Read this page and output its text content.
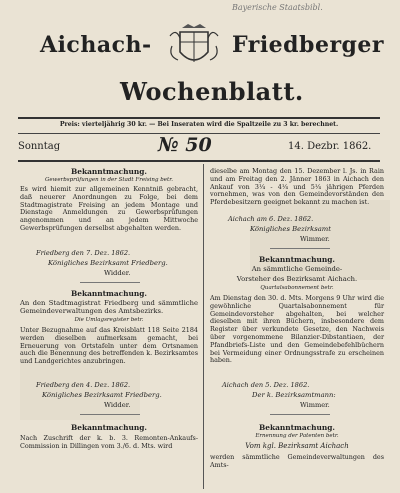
Bayerische Staatsbibl.
Aichach-	Friedberger
Wochenblatt.
Preis: vierteljährig 30 kr. — Bei Inseraten wird die Spaltzeile zu 3 kr. berechnet.
Sonntag	№ 50	14. Dezbr. 1862.
Bekanntmachung.
Gewerbsprüfungen in der Stadt Freising betr.
Es wird hiemit zur allgemeinen Kenntniß gebracht, daß neuerer Anordnungen zu Folge, bei dem Stadtmagistrate Freising an jedem Montage und Dienstage Anmeldungen zu Gewerbsprüfungen angenommen und an jedem Mittwoche Gewerbsprüfungen derselbst abgehalten werden.
Friedberg den 7. Dez. 1862.
Königliches Bezirksamt Friedberg.
Widder.
Bekanntmachung.
An den Stadtmagistrat Friedberg und sämmtliche Gemeindeverwaltungen des Amtsbezirks.
Die Umlagsregister betr.
Unter Bezugnahme auf das Kreisblatt 118 Seite 2184 werden dieselben aufmerksam gemacht, bei Erneuerung von Ortstafeln unter dem Ortsnamen auch die Benennung des betreffenden k. Bezirksamtes und Landgerichtes anzubringen.
Friedberg den 4. Dez. 1862.
Königliches Bezirksamt Friedberg.
Widder.
Bekanntmachung.
Nach Zuschrift der k. b. 3. Remonten-Ankaufs-Commission in Dillingen vom 3./6. d. Mts. wird
dieselbe am Montag den 15. Dezember l. Js. in Rain und am Freitag den 2. Jänner 1863 in Aichach den Ankauf von 3¼ - 4¼ und 5¼ jährigen Pferden vornehmen, was von den Gemeindevorständen den Pferdebesitzern geeignet bekannt zu machen ist.
Aichach am 6. Dez. 1862.
Königliches Bezirksamt
Wimmer.
Bekanntmachung.
An sämmtliche Gemeinde-
Vorsteher des Bezirksamt Aichach.
Quartalsabonnement betr.
Am Dienstag den 30. d. Mts. Morgens 9 Uhr wird die gewöhnliche Quartalsabonnement für Gemeindevorsteher abgehalten, bei welcher dieselben mit ihren Büchern, insbesondere dem Register über verkundete Gesetze, den Nachweis über vorgenommene Bilanzier-Dibstantiaen, der Pfandbriefs-Liste und den Gemeindebefehlbüchern bei Vermeidung einer Ordnungsstrafe zu erscheinen haben.
Aichach den 5. Dez. 1862.
Der k. Bezirksamtmann:
Wimmer.
Bekanntmachung.
Ernennung der Patenten betr.
Vom kgl. Bezirksamt Aichach
werden sämmtliche Gemeindeverwaltungen des Amts-
